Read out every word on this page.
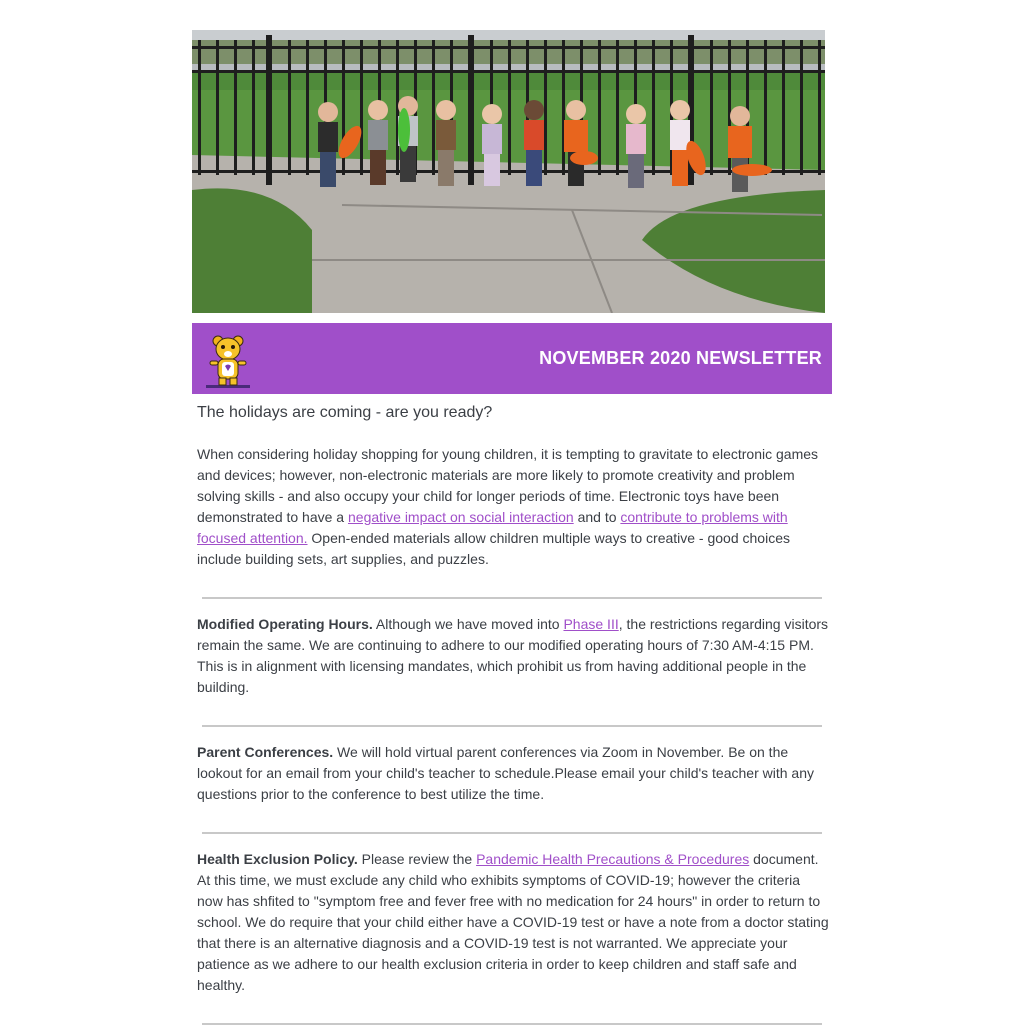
NOVEMBER 2020 NEWSLETTER

The holidays are coming - are you ready?

When considering holiday shopping for young children, it is tempting to gravitate to electronic games and devices; however, non-electronic materials are more likely to promote creativity and problem solving skills - and also occupy your child for longer periods of time. Electronic toys have been demonstrated to have a negative impact on social interaction and to contribute to problems with focused attention. Open-ended materials allow children multiple ways to creative - good choices include building sets, art supplies, and puzzles.

Modified Operating Hours. Although we have moved into Phase III, the restrictions regarding visitors remain the same. We are continuing to adhere to our modified operating hours of 7:30 AM-4:15 PM. This is in alignment with licensing mandates, which prohibit us from having additional people in the building.

Parent Conferences. We will hold virtual parent conferences via Zoom in November. Be on the lookout for an email from your child's teacher to schedule.Please email your child's teacher with any questions prior to the conference to best utilize the time.

Health Exclusion Policy. Please review the Pandemic Health Precautions & Procedures document. At this time, we must exclude any child who exhibits symptoms of COVID-19; however the criteria now has shfited to "symptom free and fever free with no medication for 24 hours" in order to return to school. We do require that your child either have a COVID-19 test or have a note from a doctor stating that there is an alternative diagnosis and a COVID-19 test is not warranted. We appreciate your patience as we adhere to our health exclusion criteria in order to keep children and staff safe and healthy.
